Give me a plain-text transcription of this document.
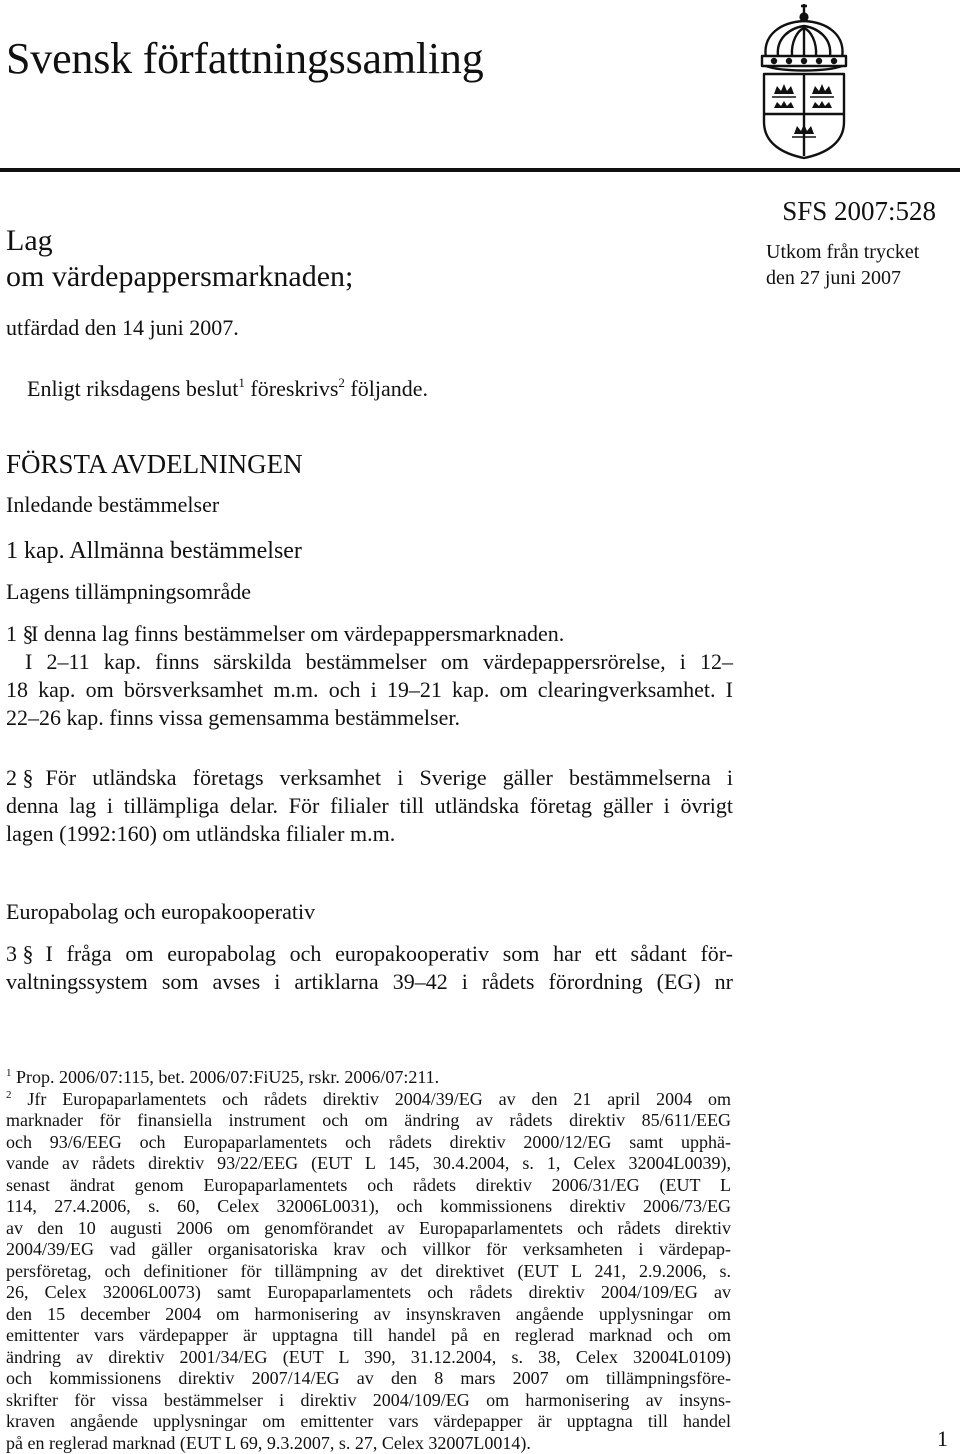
Svensk författningssamling
SFS 2007:528
Utkom från trycket
den 27 juni 2007
Lag
om värdepappersmarknaden;
utfärdad den 14 juni 2007.
Enligt riksdagens beslut$^1$ föreskrivs$^2$ följande.
FÖRSTA AVDELNINGEN
Inledande bestämmelser
1 kap. Allmänna bestämmelser
Lagens tillämpningsområde
1 §I denna lag finns bestämmelser om värdepappersmarknaden.
I 2–11 kap. finns särskilda bestämmelser om värdepappersrörelse, i 12–
18 kap. om börsverksamhet m.m. och i 19–21 kap. om clearingverksamhet. I
22–26 kap. finns vissa gemensamma bestämmelser.
2 § För utländska företags verksamhet i Sverige gäller bestämmelserna i
denna lag i tillämpliga delar. För filialer till utländska företag gäller i övrigt
lagen (1992:160) om utländska filialer m.m.
Europabolag och europakooperativ
3 § I fråga om europabolag och europakooperativ som har ett sådant för-
valtningssystem som avses i artiklarna 39–42 i rådets förordning (EG) nr
$^1$ Prop. 2006/07:115, bet. 2006/07:FiU25, rskr. 2006/07:211.
$^2$ Jfr Europaparlamentets och rådets direktiv 2004/39/EG av den 21 april 2004 om
marknader för finansiella instrument och om ändring av rådets direktiv 85/611/EEG
och 93/6/EEG och Europaparlamentets och rådets direktiv 2000/12/EG samt upphä-
vande av rådets direktiv 93/22/EEG (EUT L 145, 30.4.2004, s. 1, Celex 32004L0039),
senast ändrat genom Europaparlamentets och rådets direktiv 2006/31/EG (EUT L
114, 27.4.2006, s. 60, Celex 32006L0031), och kommissionens direktiv 2006/73/EG
av den 10 augusti 2006 om genomförandet av Europaparlamentets och rådets direktiv
2004/39/EG vad gäller organisatoriska krav och villkor för verksamheten i värdepap-
persföretag, och definitioner för tillämpning av det direktivet (EUT L 241, 2.9.2006, s.
26, Celex 32006L0073) samt Europaparlamentets och rådets direktiv 2004/109/EG av
den 15 december 2004 om harmonisering av insynskraven angående upplysningar om
emittenter vars värdepapper är upptagna till handel på en reglerad marknad och om
ändring av direktiv 2001/34/EG (EUT L 390, 31.12.2004, s. 38, Celex 32004L0109)
och kommissionens direktiv 2007/14/EG av den 8 mars 2007 om tillämpningsföre-
skrifter för vissa bestämmelser i direktiv 2004/109/EG om harmonisering av insyns-
kraven angående upplysningar om emittenter vars värdepapper är upptagna till handel
på en reglerad marknad (EUT L 69, 9.3.2007, s. 27, Celex 32007L0014).	1
